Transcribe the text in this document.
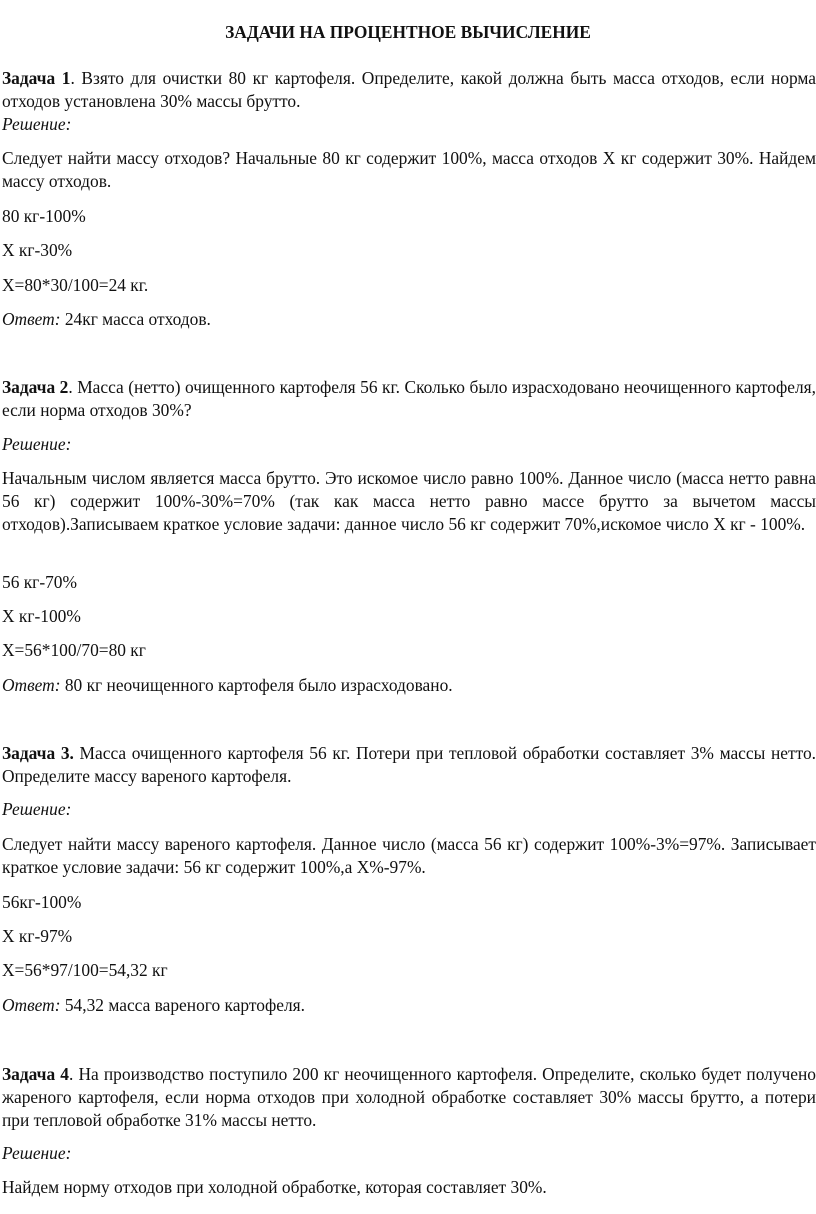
ЗАДАЧИ НА ПРОЦЕНТНОЕ ВЫЧИСЛЕНИЕ

Задача 1. Взято для очистки 80 кг картофеля. Определите, какой должна быть масса отходов, если норма отходов установлена 30% массы брутто.

Решение:

Следует найти массу отходов? Начальные 80 кг содержит 100%, масса отходов Х кг содержит 30%. Найдем массу отходов.

80 кг-100%

Х кг-30%

Х=80*30/100=24 кг.

Ответ: 24кг масса отходов.

Задача 2. Масса (нетто) очищенного картофеля 56 кг. Сколько было израсходовано неочищенного картофеля, если норма отходов 30%?

Решение:

Начальным числом является масса брутто. Это искомое число равно 100%. Данное число (масса нетто равна 56 кг) содержит 100%-30%=70% (так как масса нетто равно массе брутто за вычетом массы отходов).Записываем краткое условие задачи: данное число 56 кг содержит 70%,искомое число Х кг - 100%.

56 кг-70%

Х кг-100%

Х=56*100/70=80 кг

Ответ: 80 кг неочищенного картофеля было израсходовано.

Задача 3. Масса очищенного картофеля 56 кг. Потери при тепловой обработки составляет 3% массы нетто. Определите массу вареного картофеля.

Решение:

Следует найти массу вареного картофеля. Данное число (масса 56 кг) содержит 100%-3%=97%. Записывает краткое условие задачи: 56 кг содержит 100%,а Х%-97%.

56кг-100%

Х кг-97%

Х=56*97/100=54,32 кг

Ответ: 54,32 масса вареного картофеля.

Задача 4. На производство поступило 200 кг неочищенного картофеля. Определите, сколько будет получено жареного картофеля, если норма отходов при холодной обработке составляет 30% массы брутто, а потери при тепловой обработке 31% массы нетто.

Решение:

Найдем норму отходов при холодной обработке, которая составляет 30%.
